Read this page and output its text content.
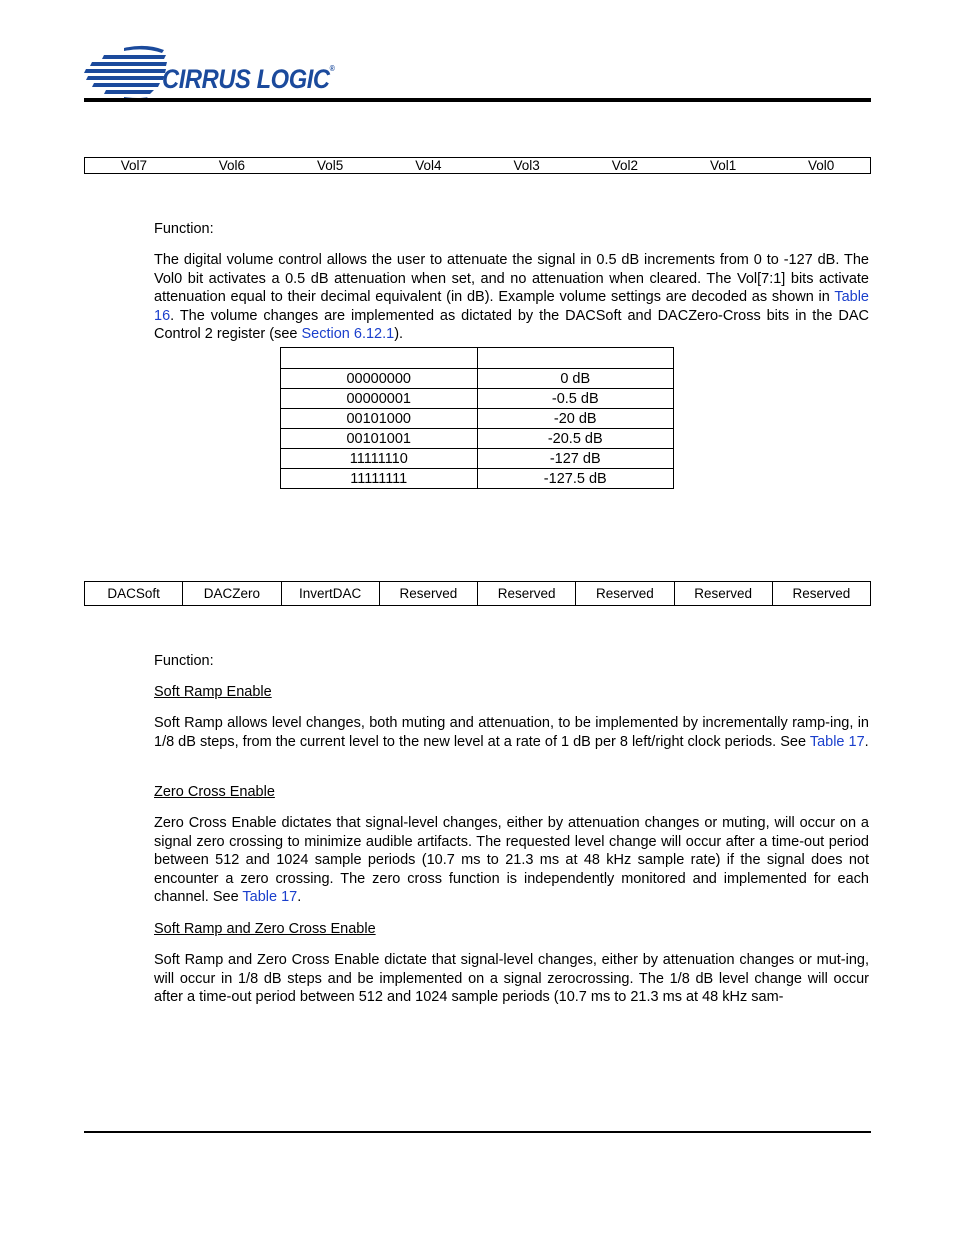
CIRRUS LOGIC®
Vol7	Vol6	Vol5	Vol4	Vol3	Vol2	Vol1	Vol0

Function:

The digital volume control allows the user to attenuate the signal in 0.5 dB increments from 0 to -127 dB. The Vol0 bit activates a 0.5 dB attenuation when set, and no attenuation when cleared. The Vol[7:1] bits activate attenuation equal to their decimal equivalent (in dB). Example volume settings are decoded as shown in Table 16. The volume changes are implemented as dictated by the DACSoft and DACZero-Cross bits in the DAC Control 2 register (see Section 6.12.1).

00000000	0 dB
00000001	-0.5 dB
00101000	-20 dB
00101001	-20.5 dB
11111110	-127 dB
11111111	-127.5 dB
DACSoft	DACZero	InvertDAC	Reserved	Reserved	Reserved	Reserved	Reserved

Function:

Soft Ramp Enable

Soft Ramp allows level changes, both muting and attenuation, to be implemented by incrementally ramp-ing, in 1/8 dB steps, from the current level to the new level at a rate of 1 dB per 8 left/right clock periods. See Table 17.

Zero Cross Enable

Zero Cross Enable dictates that signal-level changes, either by attenuation changes or muting, will occur on a signal zero crossing to minimize audible artifacts. The requested level change will occur after a time-out period between 512 and 1024 sample periods (10.7 ms to 21.3 ms at 48 kHz sample rate) if the signal does not encounter a zero crossing. The zero cross function is independently monitored and implemented for each channel. See Table 17.

Soft Ramp and Zero Cross Enable

Soft Ramp and Zero Cross Enable dictate that signal-level changes, either by attenuation changes or mut-ing, will occur in 1/8 dB steps and be implemented on a signal zerocrossing. The 1/8 dB level change will occur after a time-out period between 512 and 1024 sample periods (10.7 ms to 21.3 ms at 48 kHz sam-
